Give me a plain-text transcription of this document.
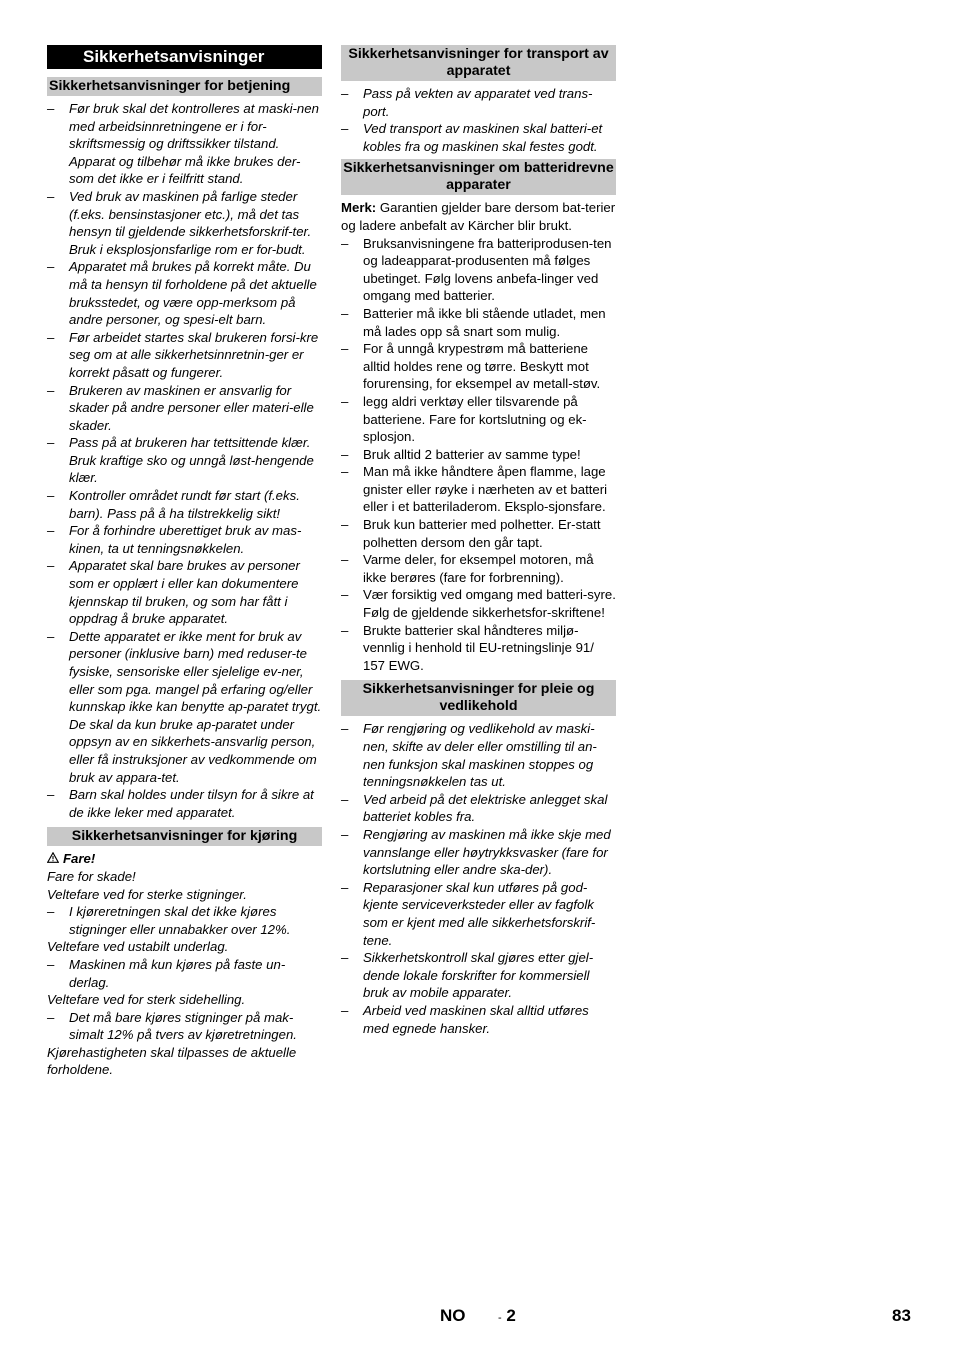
Sikkerhetsanvisninger
Sikkerhetsanvisninger for betjening
– Før bruk skal det kontrolleres at maski-nen med arbeidsinnretningene er i for-skriftsmessig og driftssikker tilstand. Apparat og tilbehør må ikke brukes der-som det ikke er i feilfritt stand.
– Ved bruk av maskinen på farlige steder (f.eks. bensinstasjoner etc.), må det tas hensyn til gjeldende sikkerhetsforskrif-ter. Bruk i eksplosjonsfarlige rom er for-budt.
– Apparatet må brukes på korrekt måte. Du må ta hensyn til forholdene på det aktuelle bruksstedet, og være opp-merksom på andre personer, og spesi-elt barn.
– Før arbeidet startes skal brukeren forsi-kre seg om at alle sikkerhetsinnretnin-ger er korrekt påsatt og fungerer.
– Brukeren av maskinen er ansvarlig for skader på andre personer eller materi-elle skader.
– Pass på at brukeren har tettsittende klær. Bruk kraftige sko og unngå løst-hengende klær.
– Kontroller området rundt før start (f.eks. barn). Pass på å ha tilstrekkelig sikt!
– For å forhindre uberettiget bruk av mas-kinen, ta ut tenningsnøkkelen.
– Apparatet skal bare brukes av personer som er opplært i eller kan dokumentere kjennskap til bruken, og som har fått i oppdrag å bruke apparatet.
– Dette apparatet er ikke ment for bruk av personer (inklusive barn) med reduser-te fysiske, sensoriske eller sjelelige ev-ner, eller som pga. mangel på erfaring og/eller kunnskap ikke kan benytte ap-paratet trygt. De skal da kun bruke ap-paratet under oppsyn av en sikkerhets-ansvarlig person, eller få instruksjoner av vedkommende om bruk av appara-tet.
– Barn skal holdes under tilsyn for å sikre at de ikke leker med apparatet.
Sikkerhetsanvisninger for kjøring
Fare!

Fare for skade!

Veltefare ved for sterke stigninger.

– I kjøreretningen skal det ikke kjøres stigninger eller unnabakker over 12%.

Veltefare ved ustabilt underlag.

– Maskinen må kun kjøres på faste un-derlag.

Veltefare ved for sterk sidehelling.

– Det må bare kjøres stigninger på mak-simalt 12% på tvers av kjøretretningen.

Kjørehastigheten skal tilpasses de aktuelle forholdene.

Sikkerhetsanvisninger for transport av apparatet
– Pass på vekten av apparatet ved trans-port.
– Ved transport av maskinen skal batteri-et kobles fra og maskinen skal festes godt.
Sikkerhetsanvisninger om batteridrevne apparater

Merk: Garantien gjelder bare dersom bat-terier og ladere anbefalt av Kärcher blir brukt.

– Bruksanvisningene fra batteriprodusen-ten og ladeapparat-produsenten må følges ubetinget. Følg lovens anbefa-linger ved omgang med batterier.
– Batterier må ikke bli stående utladet, men må lades opp så snart som mulig.
– For å unngå krypestrøm må batteriene alltid holdes rene og tørre. Beskytt mot forurensing, for eksempel av metall-støv.
– legg aldri verktøy eller tilsvarende på batteriene. Fare for kortslutning og ek-splosjon.
– Bruk alltid 2 batterier av samme type!
– Man må ikke håndtere åpen flamme, lage gnister eller røyke i nærheten av et batteri eller i et batteriladerom. Eksplo-sjonsfare.
– Bruk kun batterier med polhetter. Er-statt polhetten dersom den går tapt.
– Varme deler, for eksempel motoren, må ikke berøres (fare for forbrenning).
– Vær forsiktig ved omgang med batteri-syre. Følg de gjeldende sikkerhetsfor-skriftene!
– Brukte batterier skal håndteres miljø-vennlig i henhold til EU-retningslinje 91/ 157 EWG.
Sikkerhetsanvisninger for pleie og vedlikehold
– Før rengjøring og vedlikehold av maski-nen, skifte av deler eller omstilling til an-nen funksjon skal maskinen stoppes og tenningsnøkkelen tas ut.
– Ved arbeid på det elektriske anlegget skal batteriet kobles fra.
– Rengjøring av maskinen må ikke skje med vannslange eller høytrykksvasker (fare for kortslutning eller andre ska-der).
– Reparasjoner skal kun utføres på god-kjente serviceverksteder eller av fagfolk som er kjent med alle sikkerhetsforskrif-tene.
– Sikkerhetskontroll skal gjøres etter gjel-dende lokale forskrifter for kommersiell bruk av mobile apparater.
– Arbeid ved maskinen skal alltid utføres med egnede hansker.
NO	- 2	83
